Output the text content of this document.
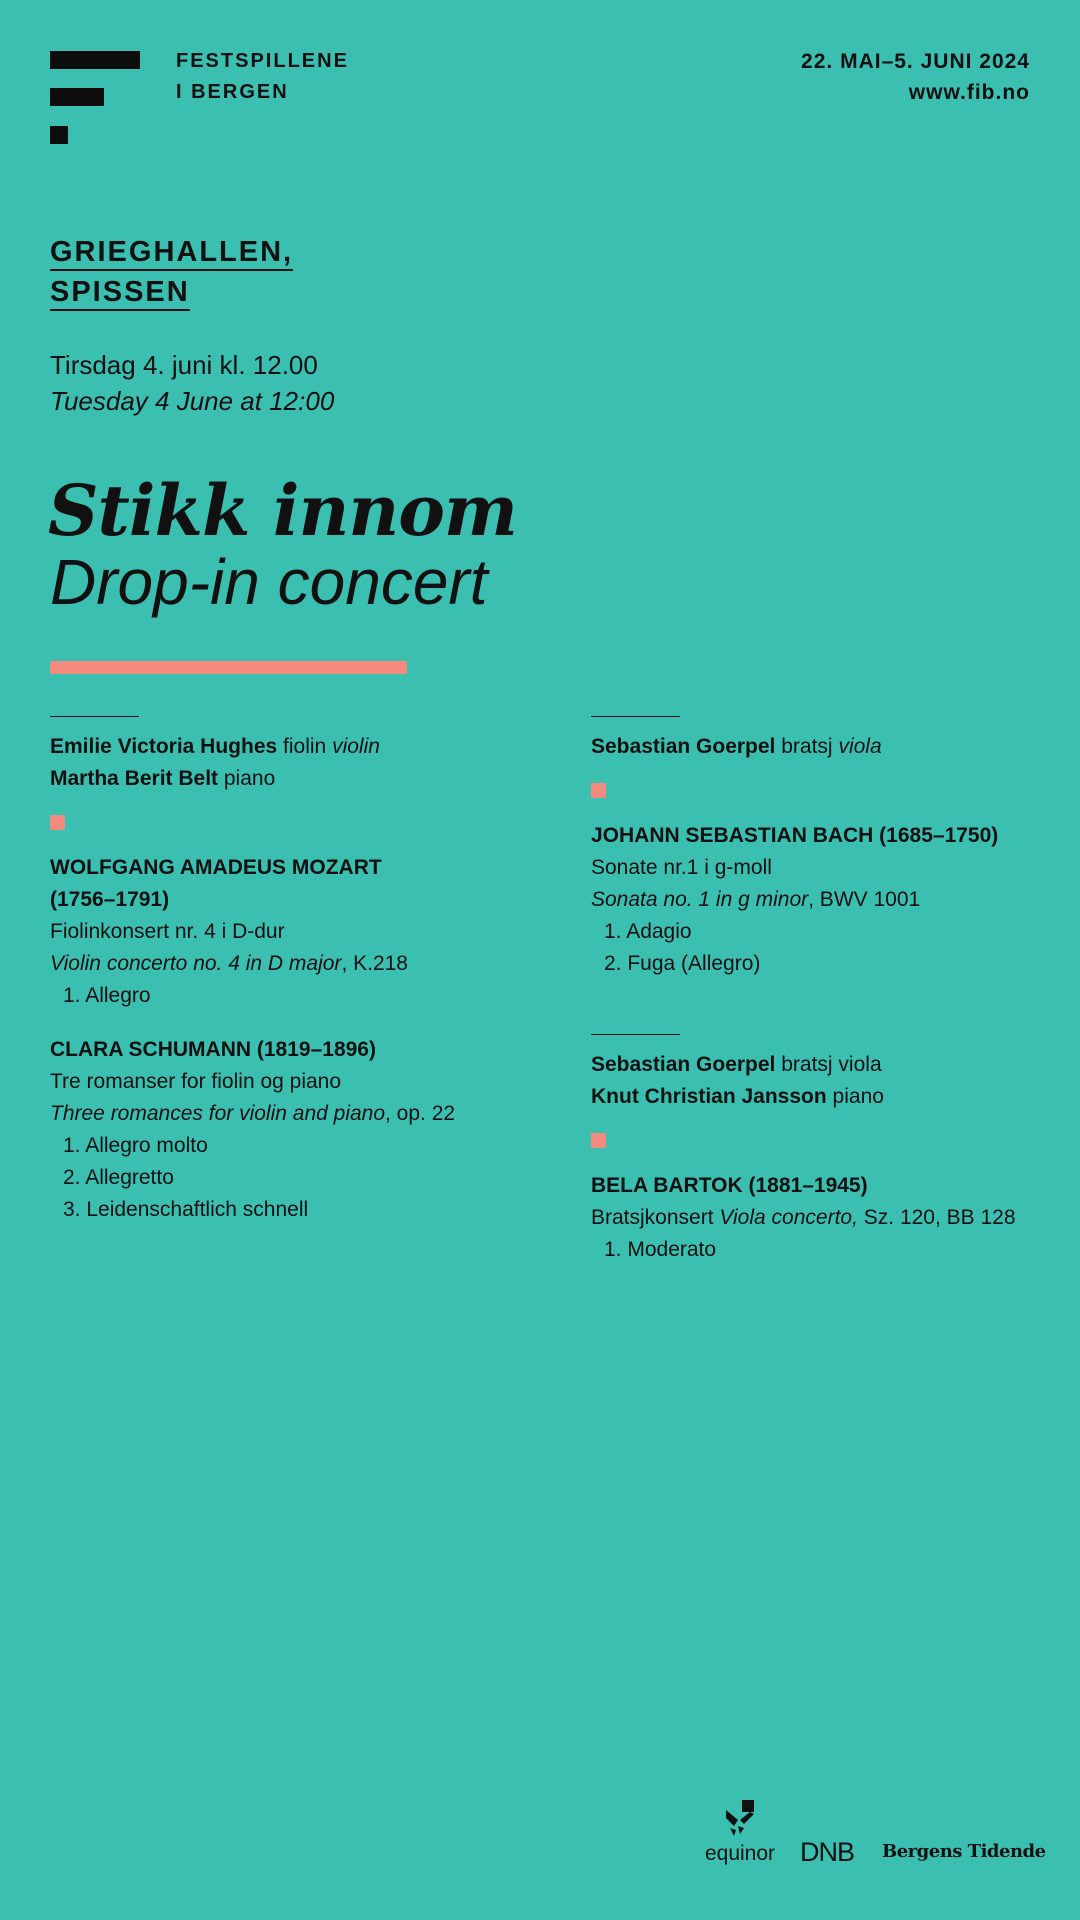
FESTSPILLENE
I BERGEN
22. MAI–5. JUNI 2024
www.fib.no
GRIEGHALLEN,
SPISSEN
Tirsdag 4. juni kl. 12.00
Tuesday 4 June at 12:00
Stikk innom
Drop-in concert
Emilie Victoria Hughes fiolin violin
Martha Berit Belt piano
WOLFGANG AMADEUS MOZART
(1756–1791)
Fiolinkonsert nr. 4 i D-dur
Violin concerto no. 4 in D major, K.218
1. Allegro
CLARA SCHUMANN (1819–1896)
Tre romanser for fiolin og piano
Three romances for violin and piano, op. 22
1. Allegro molto
2. Allegretto
3. Leidenschaftlich schnell
Sebastian Goerpel bratsj viola
JOHANN SEBASTIAN BACH (1685–1750)
Sonate nr.1 i g-moll
Sonata no. 1 in g minor, BWV 1001
1. Adagio
2. Fuga (Allegro)
Sebastian Goerpel bratsj viola
Knut Christian Jansson piano
BELA BARTOK (1881–1945)
Bratsjkonsert Viola concerto, Sz. 120, BB 128
1. Moderato
equinor DNB Bergens Tidende
